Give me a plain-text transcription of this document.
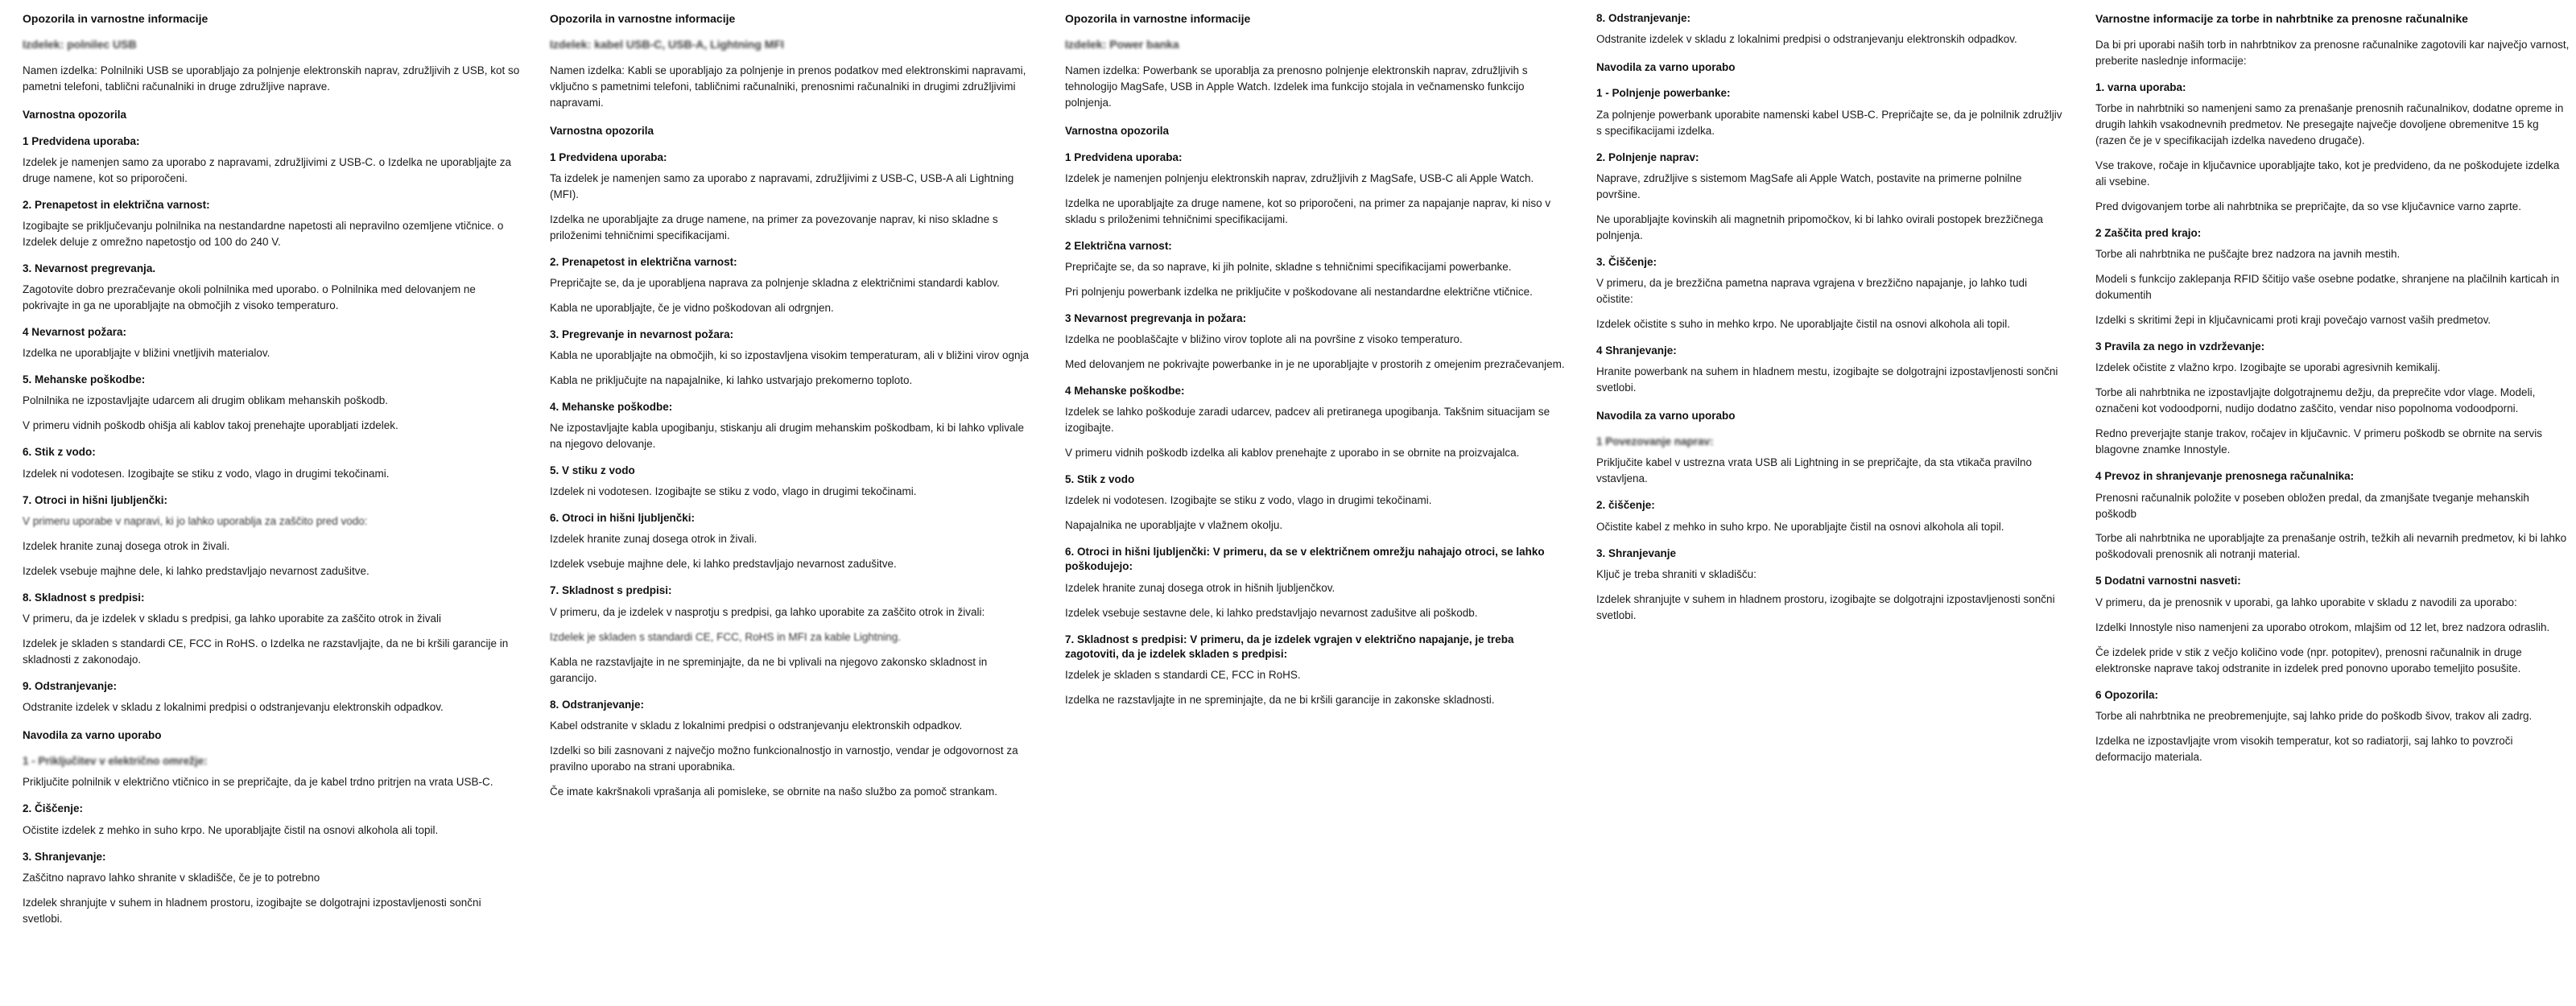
Opozorila in varnostne informacije
Izdelek: polnilec USB

Namen izdelka: Polnilniki USB se uporabljajo za polnjenje elektronskih naprav, združljivih z USB, kot so pametni telefoni, tablični računalniki in druge združljive naprave.

Varnostna opozorila
1 Predvidena uporaba:

Izdelek je namenjen samo za uporabo z napravami, združljivimi z USB-C. o Izdelka ne uporabljajte za druge namene, kot so priporočeni.

2. Prenapetost in električna varnost:

Izogibajte se priključevanju polnilnika na nestandardne napetosti ali nepravilno ozemljene vtičnice. o Izdelek deluje z omrežno napetostjo od 100 do 240 V.

3. Nevarnost pregrevanja.

Zagotovite dobro prezračevanje okoli polnilnika med uporabo. o Polnilnika med delovanjem ne pokrivajte in ga ne uporabljajte na območjih z visoko temperaturo.

4 Nevarnost požara:

Izdelka ne uporabljajte v bližini vnetljivih materialov.

5. Mehanske poškodbe:

Polnilnika ne izpostavljajte udarcem ali drugim oblikam mehanskih poškodb.

V primeru vidnih poškodb ohišja ali kablov takoj prenehajte uporabljati izdelek.

6. Stik z vodo:

Izdelek ni vodotesen. Izogibajte se stiku z vodo, vlago in drugimi tekočinami.

7. Otroci in hišni ljubljenčki:

V primeru uporabe v napravi, ki jo lahko uporablja za zaščito pred vodo:

Izdelek hranite zunaj dosega otrok in živali.

Izdelek vsebuje majhne dele, ki lahko predstavljajo nevarnost zadušitve.

8. Skladnost s predpisi:

V primeru, da je izdelek v skladu s predpisi, ga lahko uporabite za zaščito otrok in živali

Izdelek je skladen s standardi CE, FCC in RoHS. o Izdelka ne razstavljajte, da ne bi kršili garancije in skladnosti z zakonodajo.

9. Odstranjevanje:

Odstranite izdelek v skladu z lokalnimi predpisi o odstranjevanju elektronskih odpadkov.

Navodila za varno uporabo
1 - Priključitev v električno omrežje:

Priključite polnilnik v električno vtičnico in se prepričajte, da je kabel trdno pritrjen na vrata USB-C.

2. Čiščenje:

Očistite izdelek z mehko in suho krpo. Ne uporabljajte čistil na osnovi alkohola ali topil.

3. Shranjevanje:

Zaščitno napravo lahko shranite v skladišče, če je to potrebno

Izdelek shranjujte v suhem in hladnem prostoru, izogibajte se dolgotrajni izpostavljenosti sončni svetlobi.

Opozorila in varnostne informacije
Izdelek: kabel USB-C, USB-A, Lightning MFI

Namen izdelka: Kabli se uporabljajo za polnjenje in prenos podatkov med elektronskimi napravami, vključno s pametnimi telefoni, tabličnimi računalniki, prenosnimi računalniki in drugimi združljivimi napravami.

Varnostna opozorila
1 Predvidena uporaba:

Ta izdelek je namenjen samo za uporabo z napravami, združljivimi z USB-C, USB-A ali Lightning (MFI).

Izdelka ne uporabljajte za druge namene, na primer za povezovanje naprav, ki niso skladne s priloženimi tehničnimi specifikacijami.

2. Prenapetost in električna varnost:

Prepričajte se, da je uporabljena naprava za polnjenje skladna z električnimi standardi kablov.

Kabla ne uporabljajte, če je vidno poškodovan ali odrgnjen.

3. Pregrevanje in nevarnost požara:

Kabla ne uporabljajte na območjih, ki so izpostavljena visokim temperaturam, ali v bližini virov ognja

Kabla ne priključujte na napajalnike, ki lahko ustvarjajo prekomerno toploto.

4. Mehanske poškodbe:

Ne izpostavljajte kabla upogibanju, stiskanju ali drugim mehanskim poškodbam, ki bi lahko vplivale na njegovo delovanje.

5. V stiku z vodo

Izdelek ni vodotesen. Izogibajte se stiku z vodo, vlago in drugimi tekočinami.

6. Otroci in hišni ljubljenčki:

Izdelek hranite zunaj dosega otrok in živali.

Izdelek vsebuje majhne dele, ki lahko predstavljajo nevarnost zadušitve.

7. Skladnost s predpisi:

V primeru, da je izdelek v nasprotju s predpisi, ga lahko uporabite za zaščito otrok in živali:

Izdelek je skladen s standardi CE, FCC, RoHS in MFI za kable Lightning.

Kabla ne razstavljajte in ne spreminjajte, da ne bi vplivali na njegovo zakonsko skladnost in garancijo.

8. Odstranjevanje:

Kabel odstranite v skladu z lokalnimi predpisi o odstranjevanju elektronskih odpadkov.

Izdelki so bili zasnovani z največjo možno funkcionalnostjo in varnostjo, vendar je odgovornost za pravilno uporabo na strani uporabnika.

Če imate kakršnakoli vprašanja ali pomisleke, se obrnite na našo službo za pomoč strankam.

Opozorila in varnostne informacije
Izdelek: Power banka

Namen izdelka: Powerbank se uporablja za prenosno polnjenje elektronskih naprav, združljivih s tehnologijo MagSafe, USB in Apple Watch. Izdelek ima funkcijo stojala in večnamensko funkcijo polnjenja.

Varnostna opozorila
1 Predvidena uporaba:

Izdelek je namenjen polnjenju elektronskih naprav, združljivih z MagSafe, USB-C ali Apple Watch.

Izdelka ne uporabljajte za druge namene, kot so priporočeni, na primer za napajanje naprav, ki niso v skladu s priloženimi tehničnimi specifikacijami.

2 Električna varnost:

Prepričajte se, da so naprave, ki jih polnite, skladne s tehničnimi specifikacijami powerbanke.

Pri polnjenju powerbank izdelka ne priključite v poškodovane ali nestandardne električne vtičnice.

3 Nevarnost pregrevanja in požara:

Izdelka ne pooblaščajte v bližino virov toplote ali na površine z visoko temperaturo.

Med delovanjem ne pokrivajte powerbanke in je ne uporabljajte v prostorih z omejenim prezračevanjem.

4 Mehanske poškodbe:

Izdelek se lahko poškoduje zaradi udarcev, padcev ali pretiranega upogibanja. Takšnim situacijam se izogibajte.

V primeru vidnih poškodb izdelka ali kablov prenehajte z uporabo in se obrnite na proizvajalca.

5. Stik z vodo

Izdelek ni vodotesen. Izogibajte se stiku z vodo, vlago in drugimi tekočinami.

Napajalnika ne uporabljajte v vlažnem okolju.

6. Otroci in hišni ljubljenčki: V primeru, da se v električnem omrežju nahajajo otroci, se lahko poškodujejo:

Izdelek hranite zunaj dosega otrok in hišnih ljubljenčkov.

Izdelek vsebuje sestavne dele, ki lahko predstavljajo nevarnost zadušitve ali poškodb.

7. Skladnost s predpisi: V primeru, da je izdelek vgrajen v električno napajanje, je treba zagotoviti, da je izdelek skladen s predpisi:

Izdelek je skladen s standardi CE, FCC in RoHS.

Izdelka ne razstavljajte in ne spreminjajte, da ne bi kršili garancije in zakonske skladnosti.

8. Odstranjevanje:

Odstranite izdelek v skladu z lokalnimi predpisi o odstranjevanju elektronskih odpadkov.

Navodila za varno uporabo
1 - Polnjenje powerbanke:

Za polnjenje powerbank uporabite namenski kabel USB-C. Prepričajte se, da je polnilnik združljiv s specifikacijami izdelka.

2. Polnjenje naprav:

Naprave, združljive s sistemom MagSafe ali Apple Watch, postavite na primerne polnilne površine.

Ne uporabljajte kovinskih ali magnetnih pripomočkov, ki bi lahko ovirali postopek brezžičnega polnjenja.

3. Čiščenje:

V primeru, da je brezžična pametna naprava vgrajena v brezžično napajanje, jo lahko tudi očistite:

Izdelek očistite s suho in mehko krpo. Ne uporabljajte čistil na osnovi alkohola ali topil.

4 Shranjevanje:

Hranite powerbank na suhem in hladnem mestu, izogibajte se dolgotrajni izpostavljenosti sončni svetlobi.

Navodila za varno uporabo
1 Povezovanje naprav:

Priključite kabel v ustrezna vrata USB ali Lightning in se prepričajte, da sta vtikača pravilno vstavljena.

2. čiščenje:

Očistite kabel z mehko in suho krpo. Ne uporabljajte čistil na osnovi alkohola ali topil.

3. Shranjevanje

Ključ je treba shraniti v skladišču:

Izdelek shranjujte v suhem in hladnem prostoru, izogibajte se dolgotrajni izpostavljenosti sončni svetlobi.

Varnostne informacije za torbe in nahrbtnike za prenosne računalnike

Da bi pri uporabi naših torb in nahrbtnikov za prenosne računalnike zagotovili kar največjo varnost, preberite naslednje informacije:

1. varna uporaba:

Torbe in nahrbtniki so namenjeni samo za prenašanje prenosnih računalnikov, dodatne opreme in drugih lahkih vsakodnevnih predmetov. Ne presegajte največje dovoljene obremenitve 15 kg (razen če je v specifikacijah izdelka navedeno drugače).

Vse trakove, ročaje in ključavnice uporabljajte tako, kot je predvideno, da ne poškodujete izdelka ali vsebine.

Pred dvigovanjem torbe ali nahrbtnika se prepričajte, da so vse ključavnice varno zaprte.

2 Zaščita pred krajo:

Torbe ali nahrbtnika ne puščajte brez nadzora na javnih mestih.

Modeli s funkcijo zaklepanja RFID ščitijo vaše osebne podatke, shranjene na plačilnih karticah in dokumentih

Izdelki s skritimi žepi in ključavnicami proti kraji povečajo varnost vaših predmetov.

3 Pravila za nego in vzdrževanje:

Izdelek očistite z vlažno krpo. Izogibajte se uporabi agresivnih kemikalij.

Torbe ali nahrbtnika ne izpostavljajte dolgotrajnemu dežju, da preprečite vdor vlage. Modeli, označeni kot vodoodporni, nudijo dodatno zaščito, vendar niso popolnoma vodoodporni.

Redno preverjajte stanje trakov, ročajev in ključavnic. V primeru poškodb se obrnite na servis blagovne znamke Innostyle.

4 Prevoz in shranjevanje prenosnega računalnika:

Prenosni računalnik položite v poseben obložen predal, da zmanjšate tveganje mehanskih poškodb

Torbe ali nahrbtnika ne uporabljajte za prenašanje ostrih, težkih ali nevarnih predmetov, ki bi lahko poškodovali prenosnik ali notranji material.

5 Dodatni varnostni nasveti:

V primeru, da je prenosnik v uporabi, ga lahko uporabite v skladu z navodili za uporabo:

Izdelki Innostyle niso namenjeni za uporabo otrokom, mlajšim od 12 let, brez nadzora odraslih.

Če izdelek pride v stik z večjo količino vode (npr. potopitev), prenosni računalnik in druge elektronske naprave takoj odstranite in izdelek pred ponovno uporabo temeljito posušite.

6 Opozorila:

Torbe ali nahrbtnika ne preobremenjujte, saj lahko pride do poškodb šivov, trakov ali zadrg.

Izdelka ne izpostavljajte vrom visokih temperatur, kot so radiatorji, saj lahko to povzroči deformacijo materiala.
